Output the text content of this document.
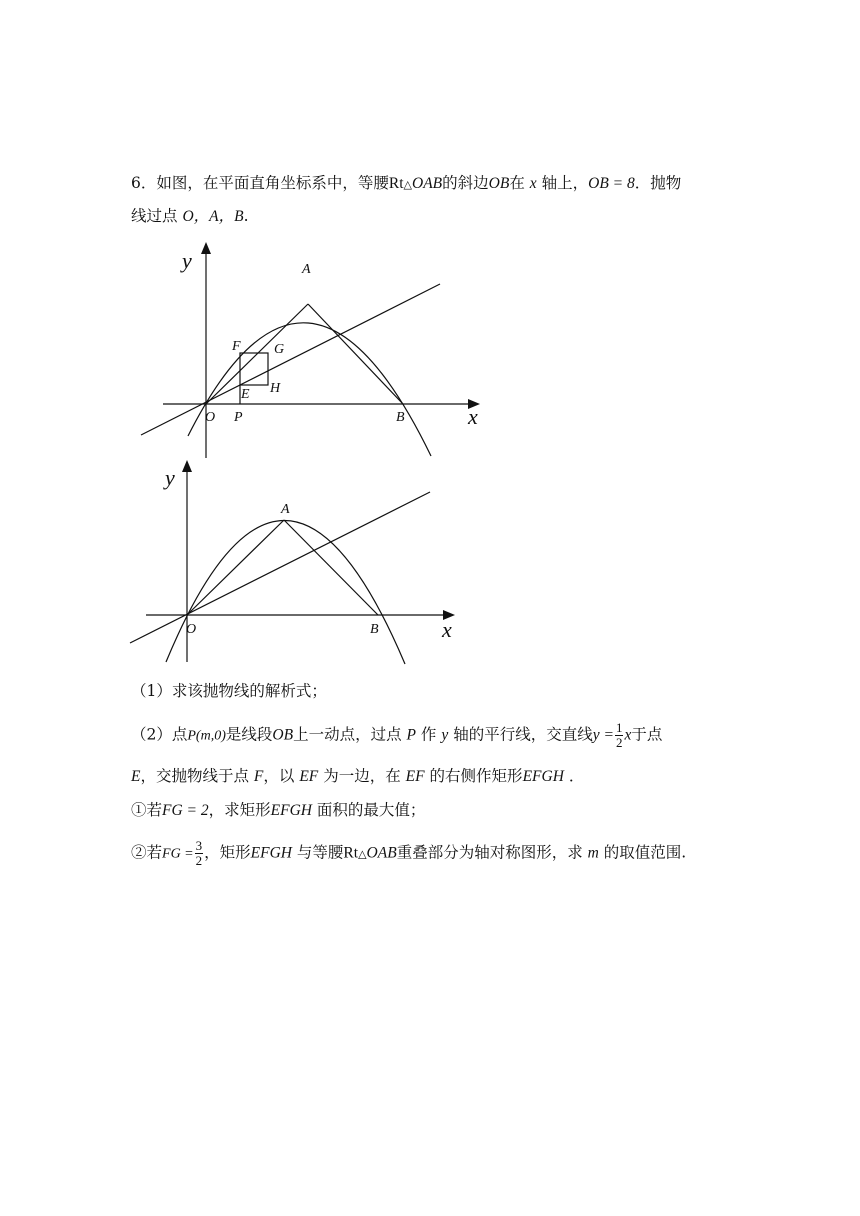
6．如图，在平面直角坐标系中，等腰Rt△OAB的斜边OB在 x 轴上，OB = 8．抛物
线过点 O，A，B.
y
x
A
O	B
F G
E H
P
y
x
A
O	B
（1）求该抛物线的解析式；
（2）点P(m,0)是线段OB上一动点，过点 P 作 y 轴的平行线，交直线$y = \frac{1}{2}$ x于点
E，交抛物线于点 F，以 EF 为一边，在 EF 的右侧作矩形EFGH ．
①若FG = 2，求矩形EFGH 面积的最大值；
②若FG = $\frac{3}{2}$ ，矩形EFGH 与等腰Rt△OAB重叠部分为轴对称图形，求 m 的取值范围.
